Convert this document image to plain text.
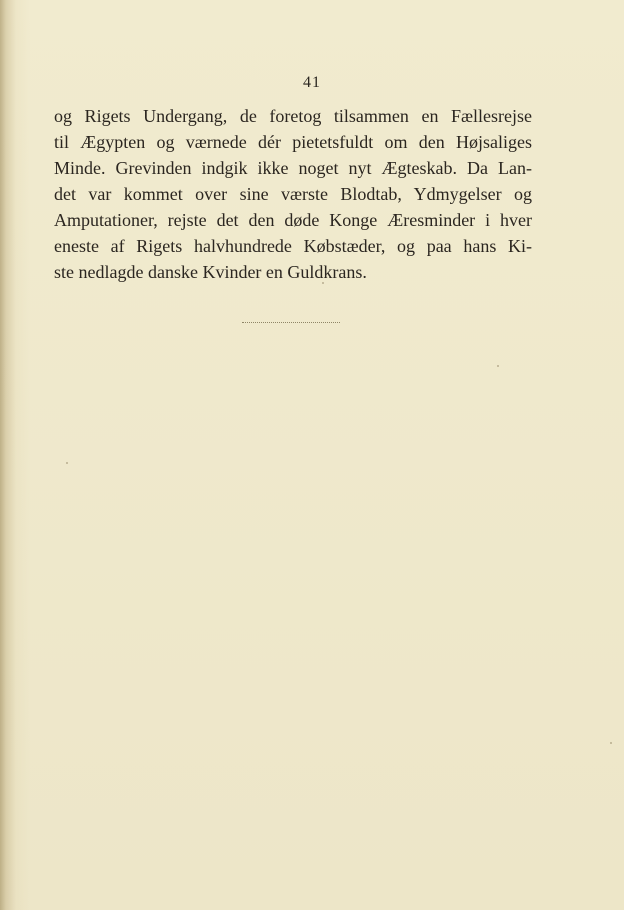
41
og Rigets Undergang, de foretog tilsammen en Fællesrejse
til Ægypten og værnede dér pietetsfuldt om den Højsaliges
Minde. Grevinden indgik ikke noget nyt Ægteskab. Da Lan-
det var kommet over sine værste Blodtab, Ydmygelser og
Amputationer, rejste det den døde Konge Æresminder i hver
eneste af Rigets halvhundrede Købstæder, og paa hans Ki-
ste nedlagde danske Kvinder en Guldkrans.
